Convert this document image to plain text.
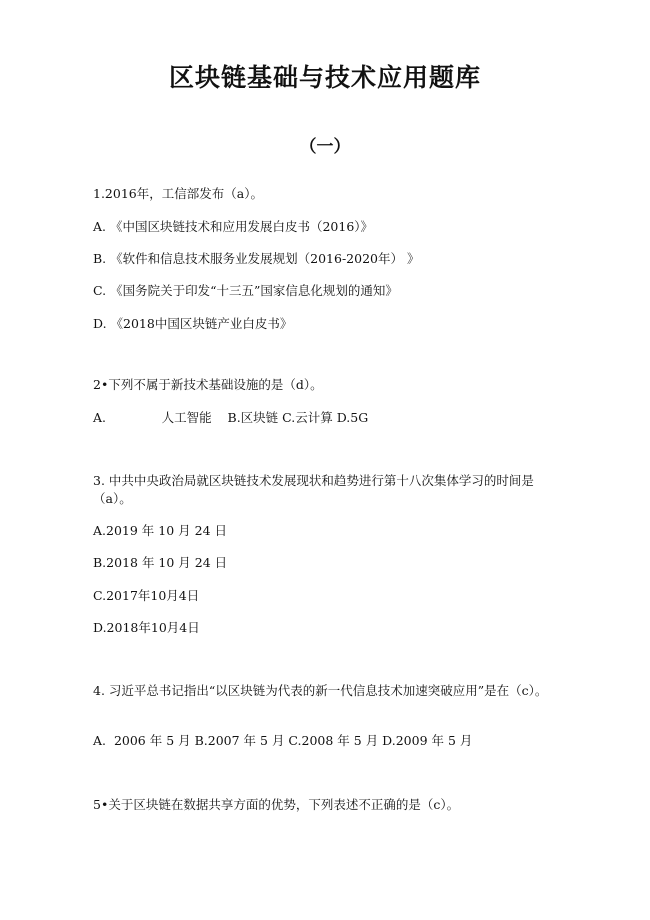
区块链基础与技术应用题库
（一）
1.2016年，工信部发布（a）。
A. 《中国区块链技术和应用发展白皮书（2016）》
B. 《软件和信息技术服务业发展规划（2016-2020年） 》
C. 《国务院关于印发“十三五”国家信息化规划的通知》
D. 《2018中国区块链产业白皮书》
2•下列不属于新技术基础设施的是（d）。
A.              人工智能    B.区块链 C.云计算 D.5G
3. 中共中央政治局就区块链技术发展现状和趋势进行第十八次集体学习的时间是（a）。
A.2019 年 10 月 24 日
B.2018 年 10 月 24 日
C.2017年10月4日
D.2018年10月4日
4. 习近平总书记指出“以区块链为代表的新一代信息技术加速突破应用”是在（c）。
A.  2006 年 5 月 B.2007 年 5 月 C.2008 年 5 月 D.2009 年 5 月
5•关于区块链在数据共享方面的优势，下列表述不正确的是（c）。
